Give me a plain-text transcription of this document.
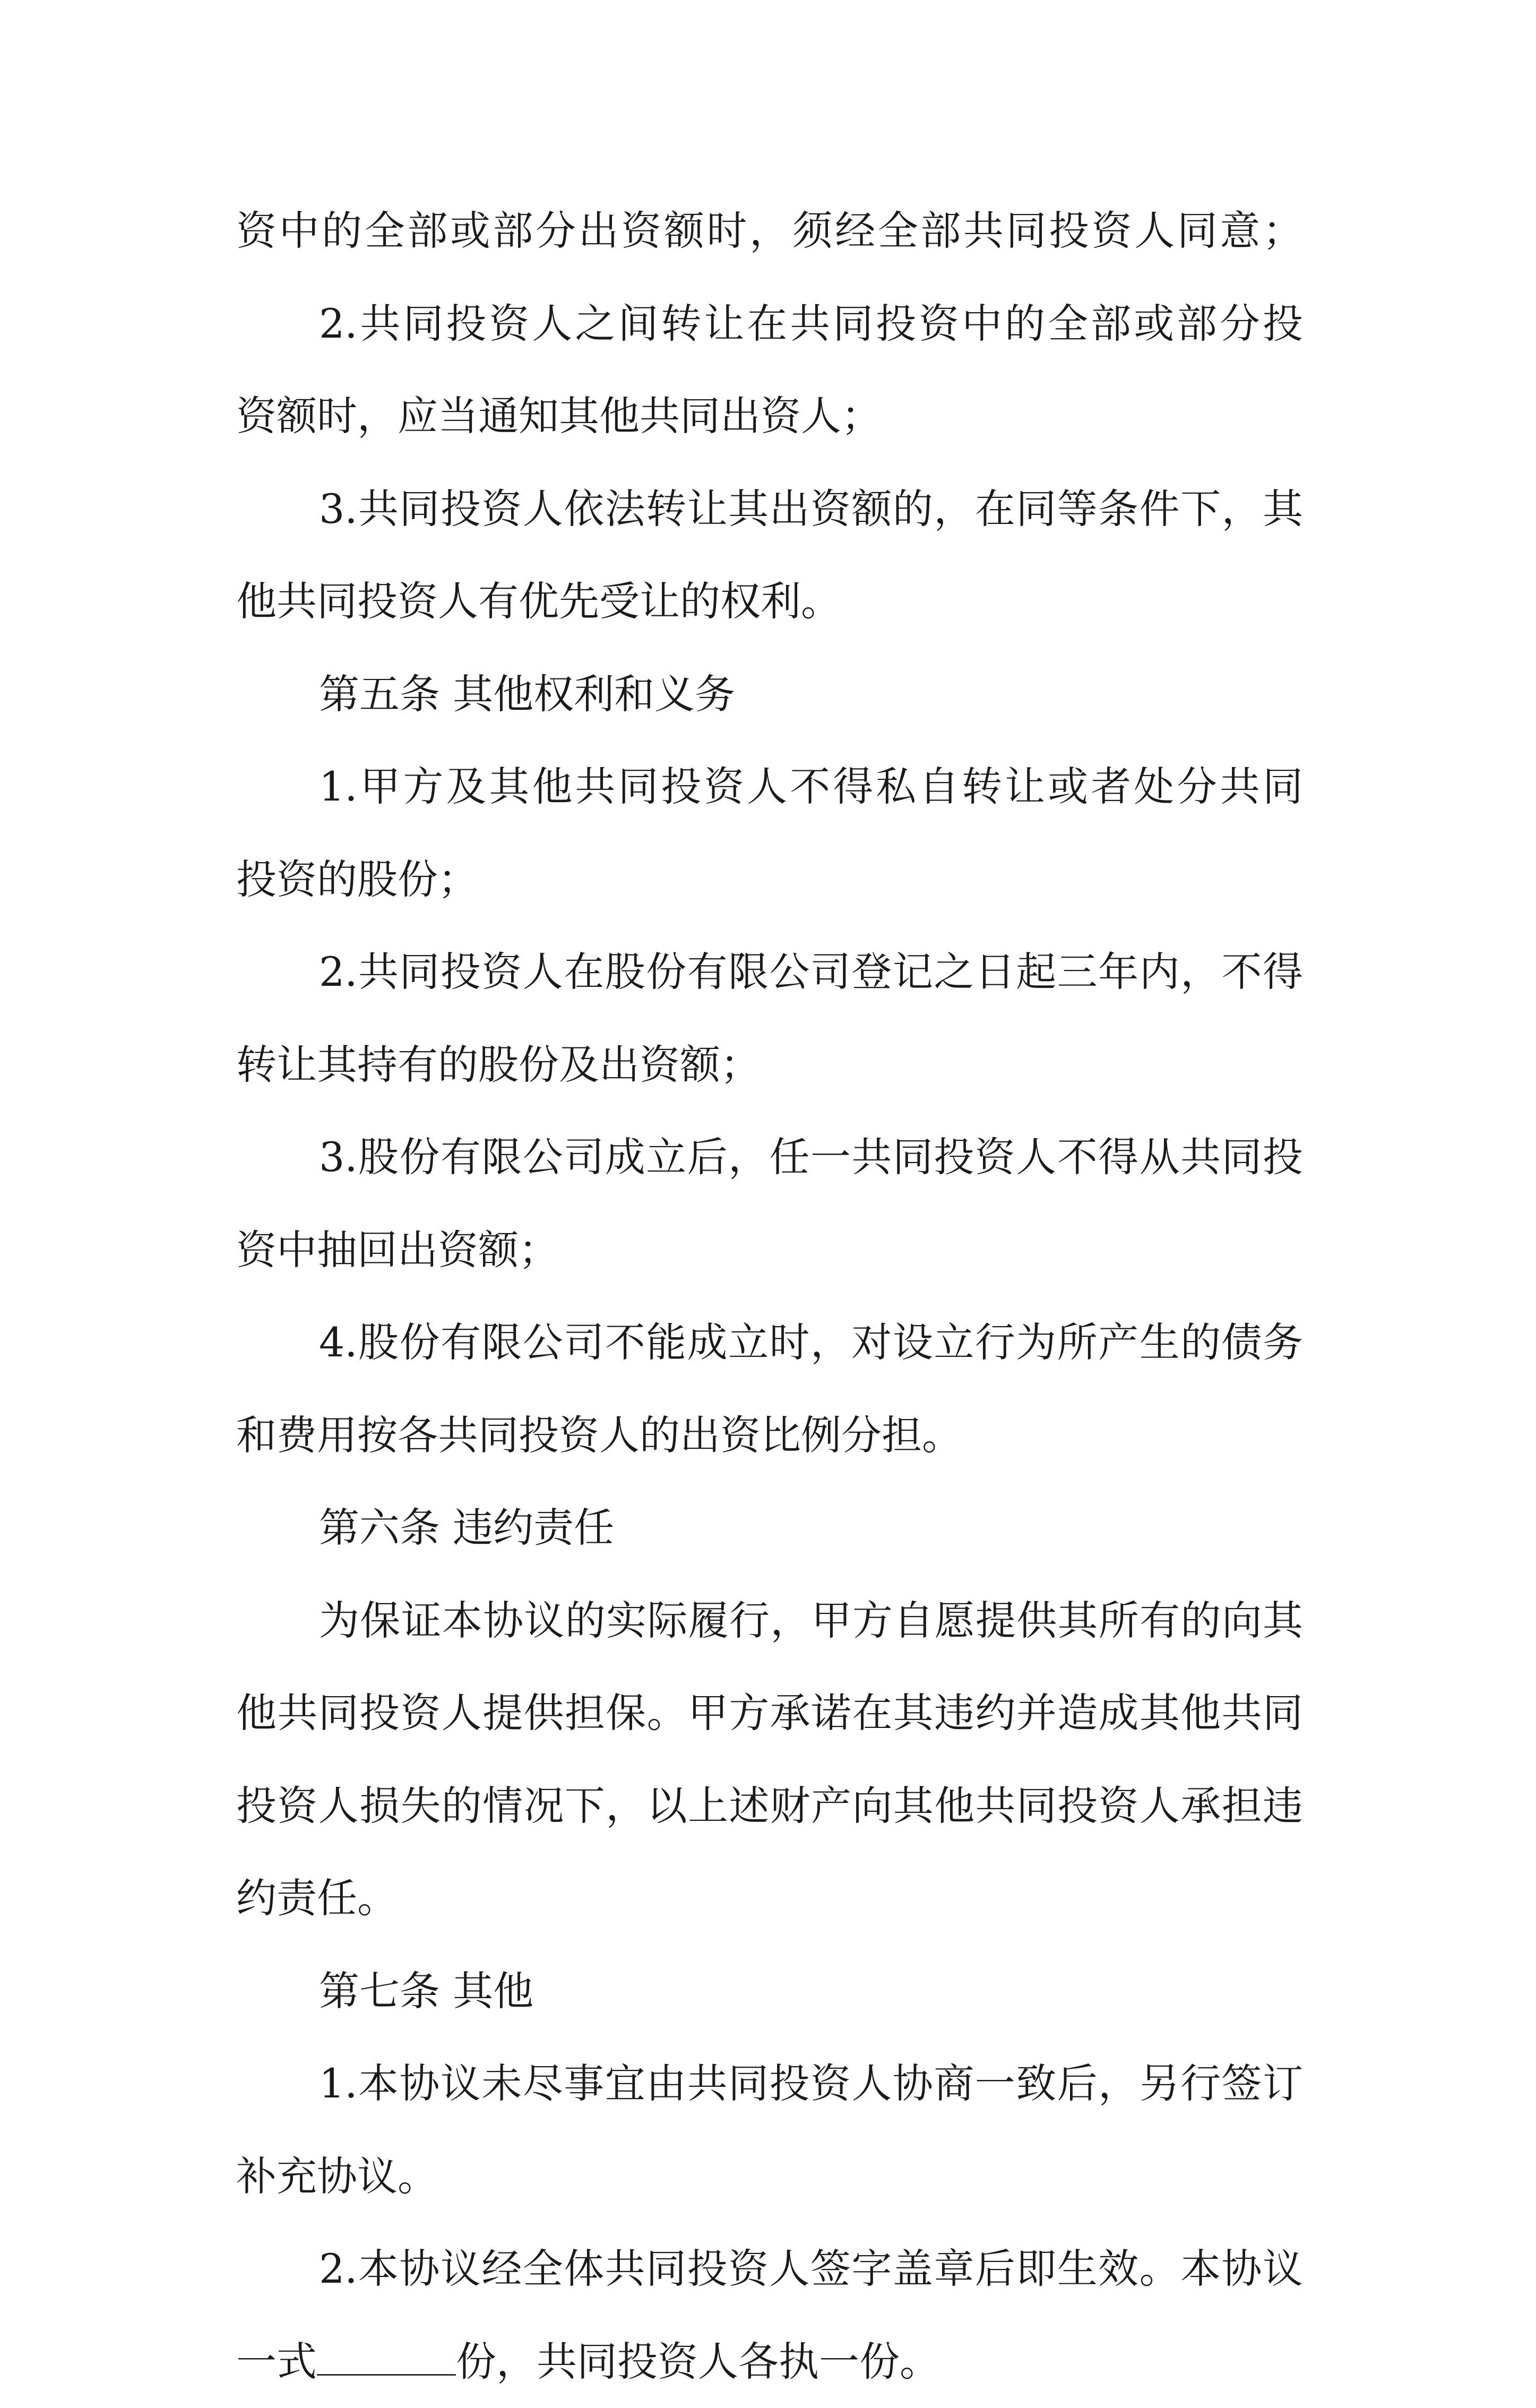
资中的全部或部分出资额时，须经全部共同投资人同意；
2.共同投资人之间转让在共同投资中的全部或部分投
资额时，应当通知其他共同出资人；
3.共同投资人依法转让其出资额的，在同等条件下，其
他共同投资人有优先受让的权利。
第五条 其他权利和义务
1.甲方及其他共同投资人不得私自转让或者处分共同
投资的股份；
2.共同投资人在股份有限公司登记之日起三年内，不得
转让其持有的股份及出资额；
3.股份有限公司成立后，任一共同投资人不得从共同投
资中抽回出资额；
4.股份有限公司不能成立时，对设立行为所产生的债务
和费用按各共同投资人的出资比例分担。
第六条 违约责任
为保证本协议的实际履行，甲方自愿提供其所有的向其
他共同投资人提供担保。甲方承诺在其违约并造成其他共同
投资人损失的情况下，以上述财产向其他共同投资人承担违
约责任。
第七条 其他
1.本协议未尽事宜由共同投资人协商一致后，另行签订
补充协议。
2.本协议经全体共同投资人签字盖章后即生效。本协议
一式	份，共同投资人各执一份。
